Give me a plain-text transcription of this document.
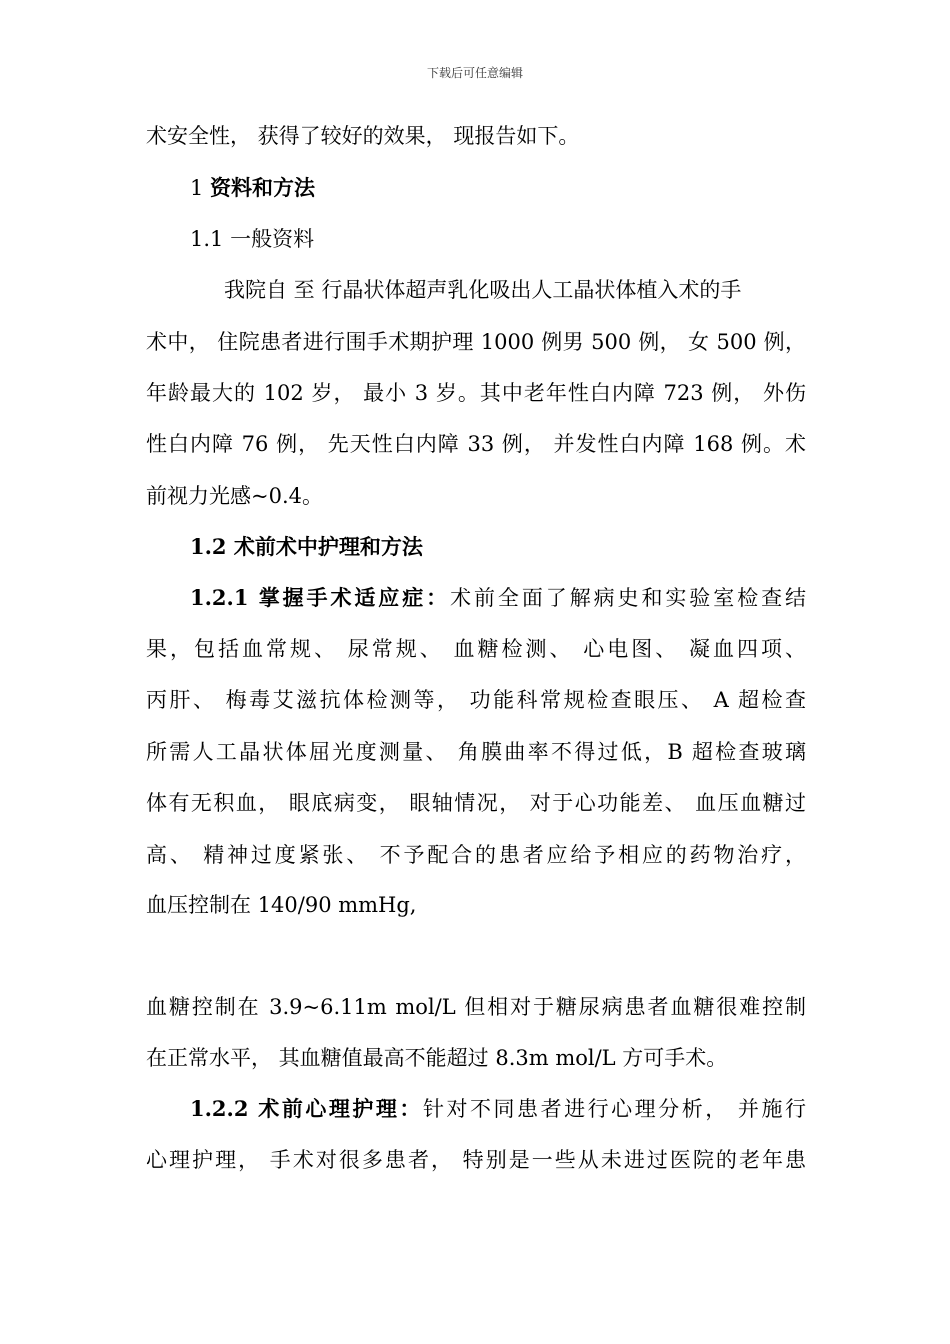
下载后可任意编辑
术安全性， 获得了较好的效果， 现报告如下。
1 资料和方法
1.1 一般资料
我院自 至 行晶状体超声乳化吸出人工晶状体植入术的手
术中， 住院患者进行围手术期护理 1000 例男 500 例， 女 500 例，
年龄最大的 102 岁， 最小 3 岁。其中老年性白内障 723 例， 外伤
性白内障 76 例， 先天性白内障 33 例， 并发性白内障 168 例。术
前视力光感~0.4。
1.2 术前术中护理和方法
1.2.1 掌握手术适应症：术前全面了解病史和实验室检查结
果，包括血常规、 尿常规、 血糖检测、 心电图、 凝血四项、
丙肝、 梅毒艾滋抗体检测等， 功能科常规检查眼压、 A 超检查
所需人工晶状体屈光度测量、 角膜曲率不得过低，B 超检查玻璃
体有无积血， 眼底病变， 眼轴情况， 对于心功能差、 血压血糖过
高、 精神过度紧张、 不予配合的患者应给予相应的药物治疗，
血压控制在 140/90 mmHg,
血糖控制在 3.9~6.11m mol/L 但相对于糖尿病患者血糖很难控制
在正常水平， 其血糖值最高不能超过 8.3m mol/L 方可手术。
1.2.2 术前心理护理：针对不同患者进行心理分析， 并施行
心理护理， 手术对很多患者， 特别是一些从未进过医院的老年患
